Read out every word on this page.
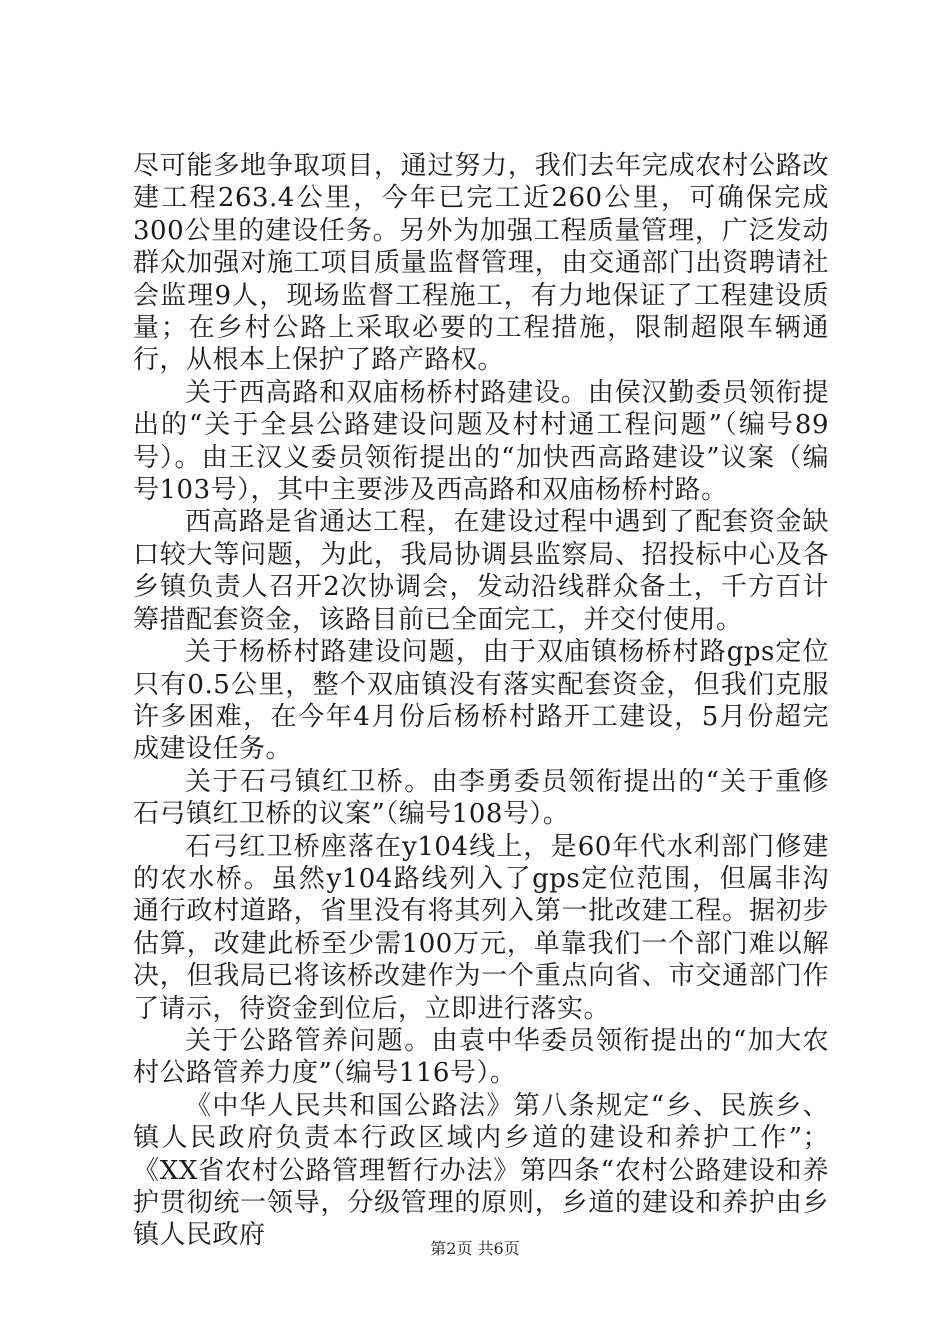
尽可能多地争取项目，通过努力，我们去年完成农村公路改建工程263.4公里，今年已完工近260公里，可确保完成300公里的建设任务。另外为加强工程质量管理，广泛发动群众加强对施工项目质量监督管理，由交通部门出资聘请社会监理9人，现场监督工程施工，有力地保证了工程建设质量；在乡村公路上采取必要的工程措施，限制超限车辆通行，从根本上保护了路产路权。

关于西高路和双庙杨桥村路建设。由侯汉勤委员领衔提出的“关于全县公路建设问题及村村通工程问题”（编号89号）。由王汉义委员领衔提出的“加快西高路建设”议案（编号103号），其中主要涉及西高路和双庙杨桥村路。

西高路是省通达工程，在建设过程中遇到了配套资金缺口较大等问题，为此，我局协调县监察局、招投标中心及各乡镇负责人召开2次协调会，发动沿线群众备土，千方百计筹措配套资金，该路目前已全面完工，并交付使用。

关于杨桥村路建设问题，由于双庙镇杨桥村路gps定位只有0.5公里，整个双庙镇没有落实配套资金，但我们克服许多困难，在今年4月份后杨桥村路开工建设，5月份超完成建设任务。

关于石弓镇红卫桥。由李勇委员领衔提出的“关于重修石弓镇红卫桥的议案”（编号108号）。

石弓红卫桥座落在y104线上，是60年代水利部门修建的农水桥。虽然y104路线列入了gps定位范围，但属非沟通行政村道路，省里没有将其列入第一批改建工程。据初步估算，改建此桥至少需100万元，单靠我们一个部门难以解决，但我局已将该桥改建作为一个重点向省、市交通部门作了请示，待资金到位后，立即进行落实。

关于公路管养问题。由袁中华委员领衔提出的“加大农村公路管养力度”（编号116号）。

《中华人民共和国公路法》第八条规定“乡、民族乡、镇人民政府负责本行政区域内乡道的建设和养护工作”；《XX省农村公路管理暂行办法》第四条“农村公路建设和养护贯彻统一领导，分级管理的原则，乡道的建设和养护由乡镇人民政府	第2页 共6页
